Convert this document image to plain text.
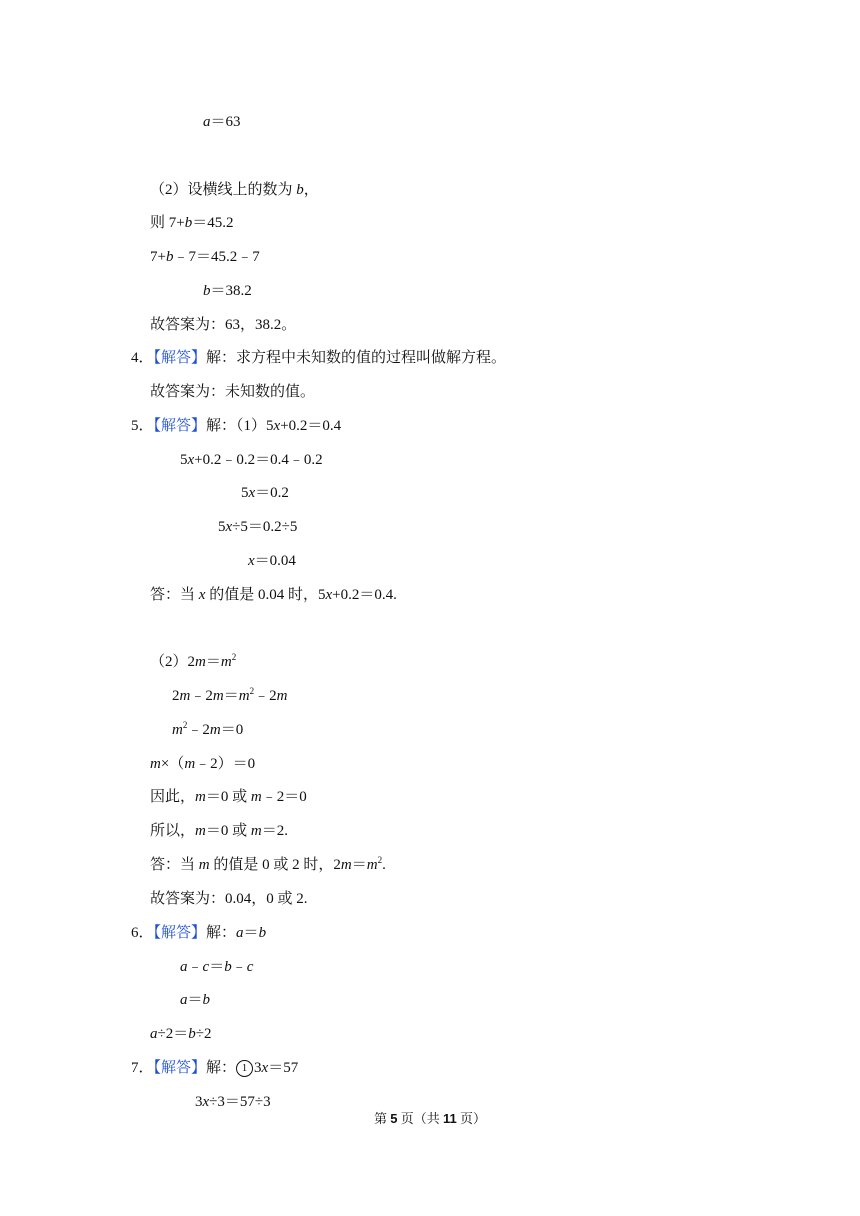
a＝63
（2）设横线上的数为 b，
则 7+b＝45.2
7+b﹣7＝45.2﹣7
b＝38.2
故答案为：63，38.2。
4．【解答】解：求方程中未知数的值的过程叫做解方程。
故答案为：未知数的值。
5．【解答】解：（1）5x+0.2＝0.4
5x+0.2﹣0.2＝0.4﹣0.2
5x＝0.2
5x÷5＝0.2÷5
x＝0.04
答：当 x 的值是 0.04 时，5x+0.2＝0.4.
$(2)2m=m^2$
$2m﹣2m=m^2﹣2m$
$m^2﹣2m=0$
m×（m﹣2）＝0
因此，m＝0 或 m﹣2＝0
所以，m＝0 或 m＝2.
答：当 m 的值是 0 或 2 时，$2m=m^2$.
故答案为：0.04，0 或 2.
6．【解答】解：a＝b
a﹣c＝b﹣c
a＝b
a÷2＝b÷2
7．【解答】解： 1 3x＝57
3x÷3＝57÷3
第 5 页（共 11 页）
